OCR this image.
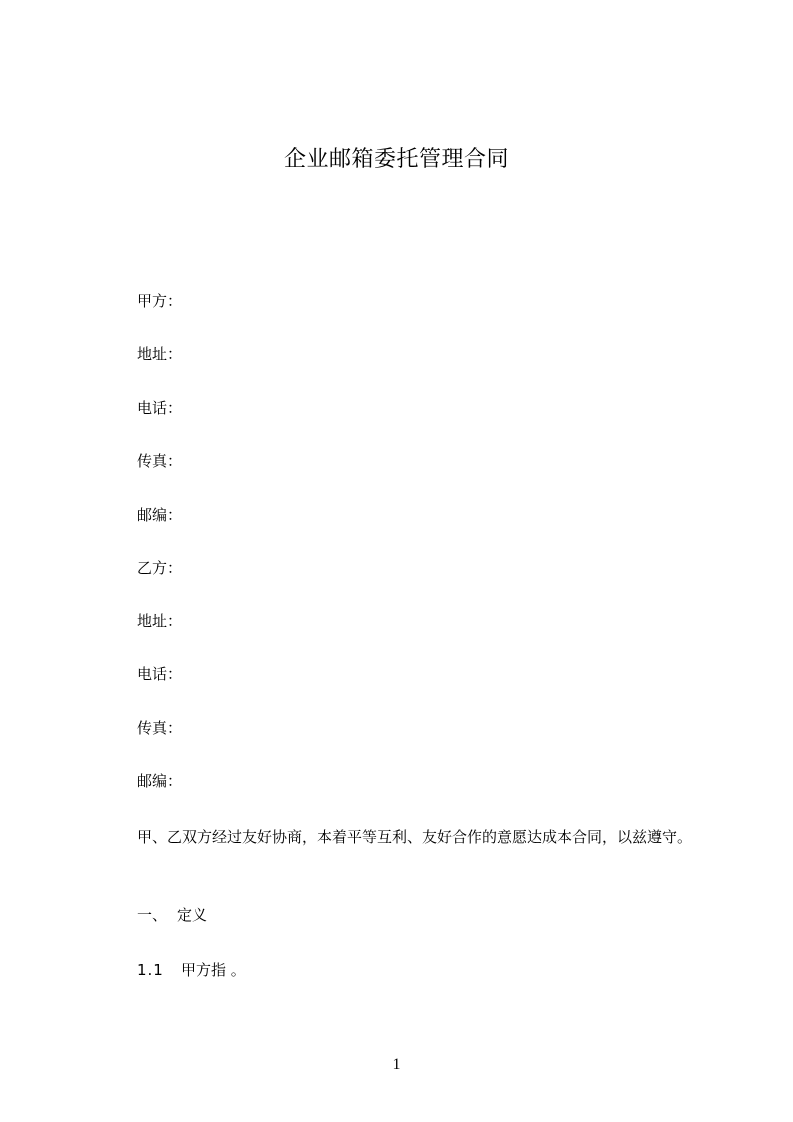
企业邮箱委托管理合同
甲方：
地址：
电话：
传真：
邮编：
乙方：
地址：
电话：
传真：
邮编：
甲、乙双方经过友好协商，本着平等互利、友好合作的意愿达成本合同，以兹遵守。
一、 定义
1.1 甲方指 。
1
